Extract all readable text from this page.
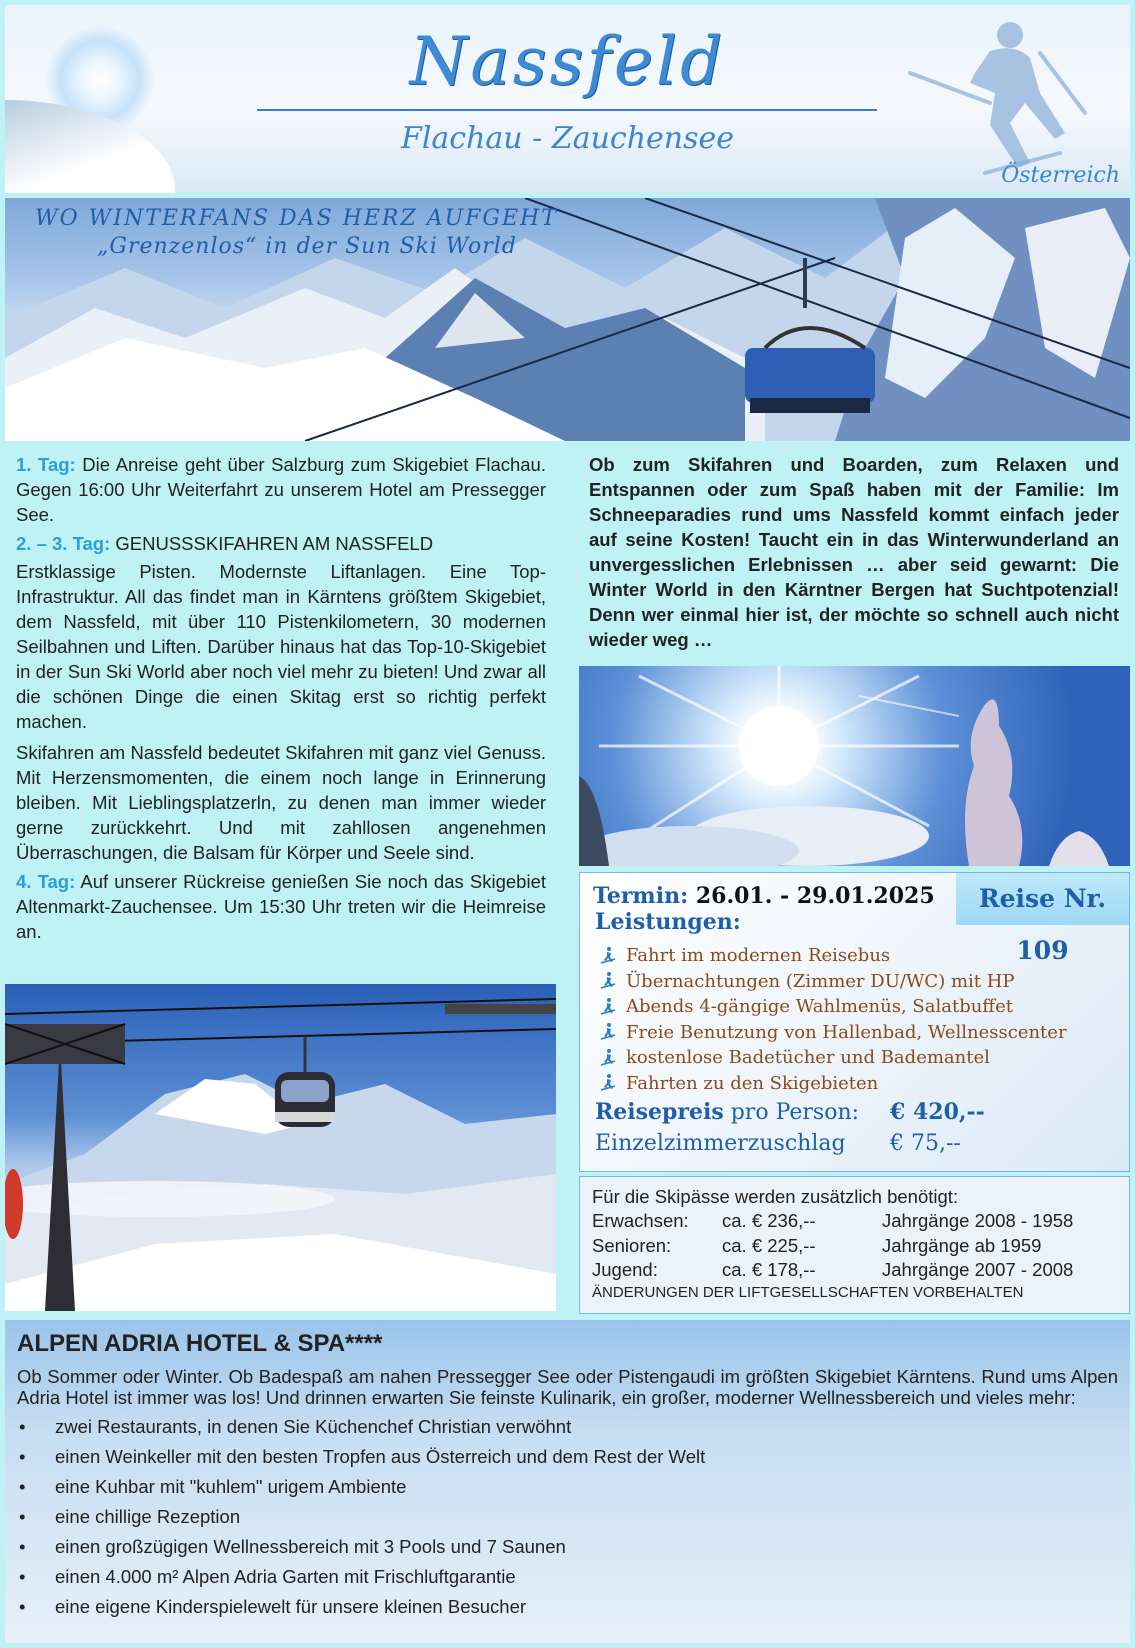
Nassfeld
Flachau - Zauchensee
Österreich
WO WINTERFANS DAS HERZ AUFGEHT
„Grenzenlos“ in der Sun Ski World

1. Tag: Die Anreise geht über Salzburg zum Skigebiet Flachau. Gegen 16:00 Uhr Weiterfahrt zu unserem Hotel am Pressegger See.

2. – 3. Tag: GENUSSSKIFAHREN AM NASSFELD

Erstklassige Pisten. Modernste Liftanlagen. Eine Top-Infrastruktur. All das findet man in Kärntens größtem Skigebiet, dem Nassfeld, mit über 110 Pistenkilometern, 30 modernen Seilbahnen und Liften. Darüber hinaus hat das Top-10-Skigebiet in der Sun Ski World aber noch viel mehr zu bieten! Und zwar all die schönen Dinge die einen Skitag erst so richtig perfekt machen.

Skifahren am Nassfeld bedeutet Skifahren mit ganz viel Genuss. Mit Herzensmomenten, die einem noch lange in Erinnerung bleiben. Mit Lieblingsplatzerln, zu denen man immer wieder gerne zurückkehrt. Und mit zahllosen angenehmen Überraschungen, die Balsam für Körper und Seele sind.

4. Tag: Auf unserer Rückreise genießen Sie noch das Skigebiet Altenmarkt-Zauchensee. Um 15:30 Uhr treten wir die Heimreise an.

Ob zum Skifahren und Boarden, zum Relaxen und Entspannen oder zum Spaß haben mit der Familie: Im Schneeparadies rund ums Nassfeld kommt einfach jeder auf seine Kosten! Taucht ein in das Winterwunderland an unvergesslichen Erlebnissen … aber seid gewarnt: Die Winter World in den Kärntner Bergen hat Suchtpotenzial! Denn wer einmal hier ist, der möchte so schnell auch nicht wieder weg …
Reise Nr. 109
Termin: 26.01. - 29.01.2025
Leistungen:
Fahrt im modernen Reisebus
Übernachtungen (Zimmer DU/WC) mit HP
Abends 4-gängige Wahlmenüs, Salatbuffet
Freie Benutzung von Hallenbad, Wellnesscenter
kostenlose Badetücher und Bademantel
Fahrten zu den Skigebieten
Reisepreis pro Person: € 420,--
Einzelzimmerzuschlag € 75,--
Für die Skipässe werden zusätzlich benötigt:
Erwachsen:	ca. € 236,--	Jahrgänge 2008 - 1958
Senioren:	ca. € 225,--	Jahrgänge ab 1959
Jugend:	ca. € 178,--	Jahrgänge 2007 - 2008
ÄNDERUNGEN DER LIFTGESELLSCHAFTEN VORBEHALTEN
ALPEN ADRIA HOTEL & SPA****
Ob Sommer oder Winter. Ob Badespaß am nahen Pressegger See oder Pistengaudi im größten Skigebiet Kärntens. Rund ums Alpen Adria Hotel ist immer was los! Und drinnen erwarten Sie feinste Kulinarik, ein großer, moderner Wellnessbereich und vieles mehr:
•	zwei Restaurants, in denen Sie Küchenchef Christian verwöhnt
•	einen Weinkeller mit den besten Tropfen aus Österreich und dem Rest der Welt
•	eine Kuhbar mit "kuhlem" urigem Ambiente
•	eine chillige Rezeption
•	einen großzügigen Wellnessbereich mit 3 Pools und 7 Saunen
•	einen 4.000 m² Alpen Adria Garten mit Frischluftgarantie
•	eine eigene Kinderspielewelt für unsere kleinen Besucher
